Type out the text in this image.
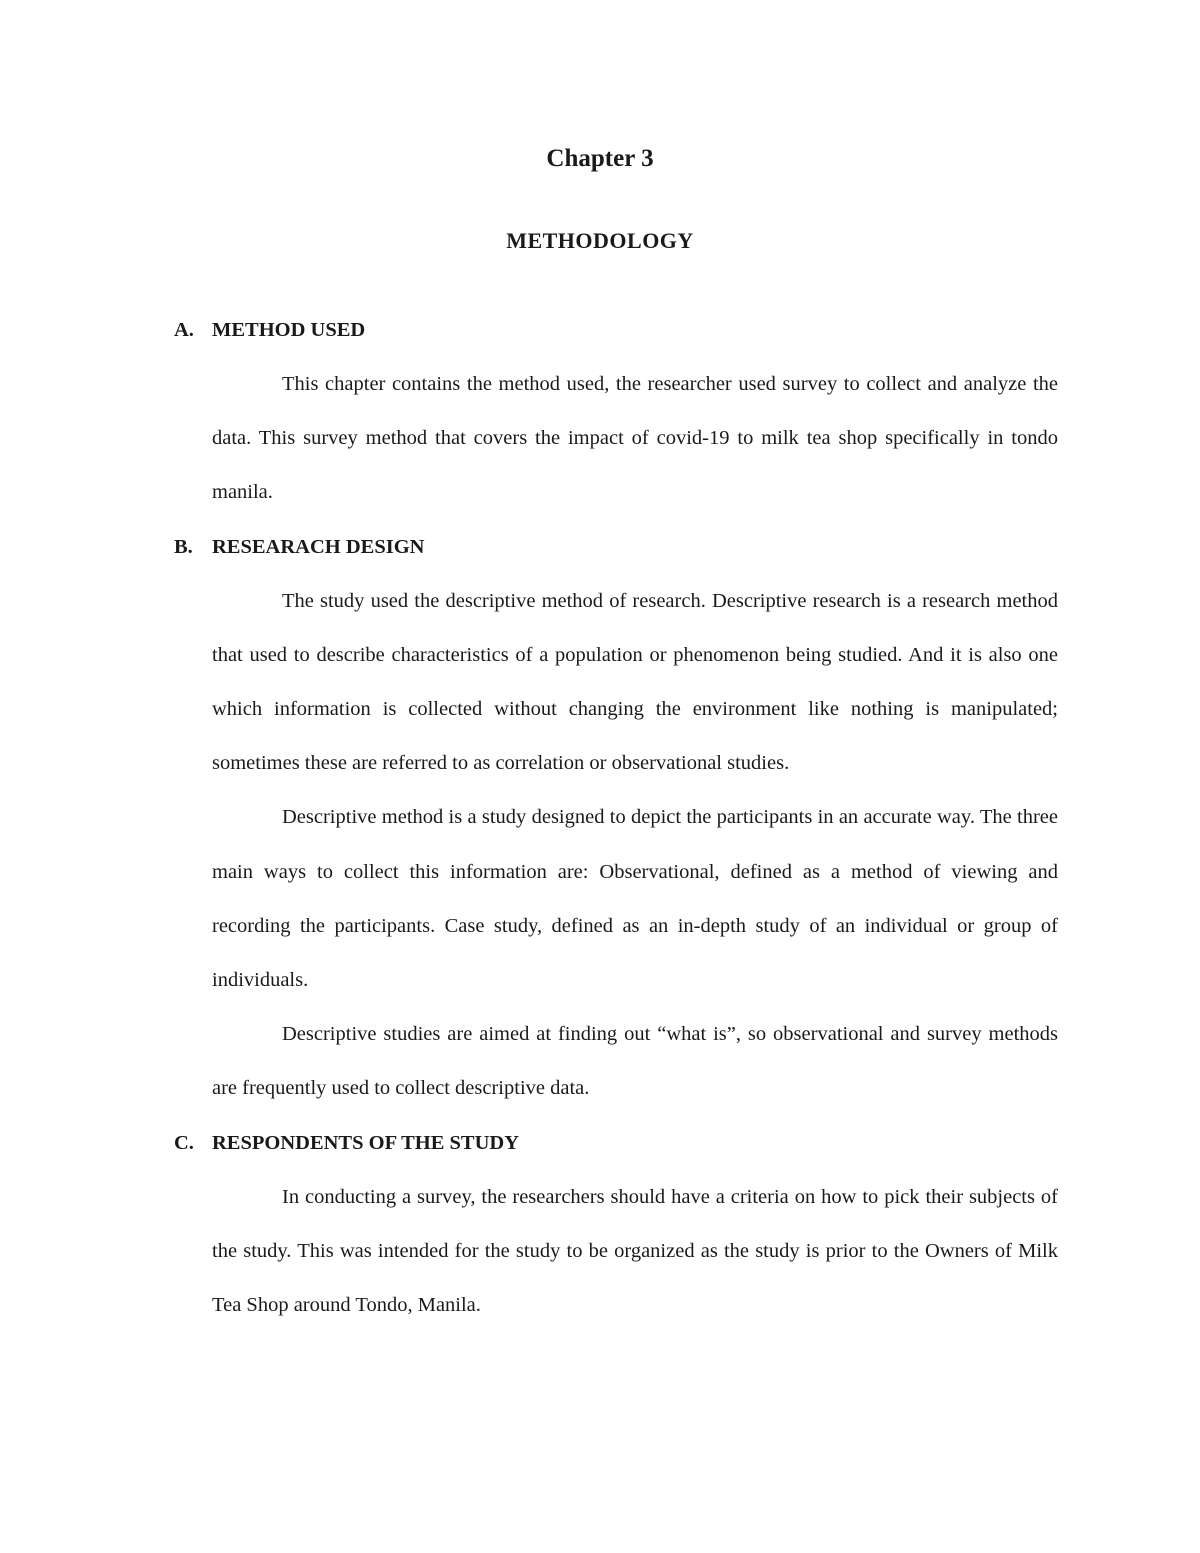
Chapter 3
METHODOLOGY
A. METHOD USED

This chapter contains the method used, the researcher used survey to collect and analyze the data. This survey method that covers the impact of covid-19 to milk tea shop specifically in tondo manila.

B. RESEARACH DESIGN

The study used the descriptive method of research. Descriptive research is a research method that used to describe characteristics of a population or phenomenon being studied. And it is also one which information is collected without changing the environment like nothing is manipulated; sometimes these are referred to as correlation or observational studies.

Descriptive method is a study designed to depict the participants in an accurate way. The three main ways to collect this information are: Observational, defined as a method of viewing and recording the participants. Case study, defined as an in-depth study of an individual or group of individuals.

Descriptive studies are aimed at finding out “what is”, so observational and survey methods are frequently used to collect descriptive data.

C. RESPONDENTS OF THE STUDY

In conducting a survey, the researchers should have a criteria on how to pick their subjects of the study. This was intended for the study to be organized as the study is prior to the Owners of Milk Tea Shop around Tondo, Manila.
